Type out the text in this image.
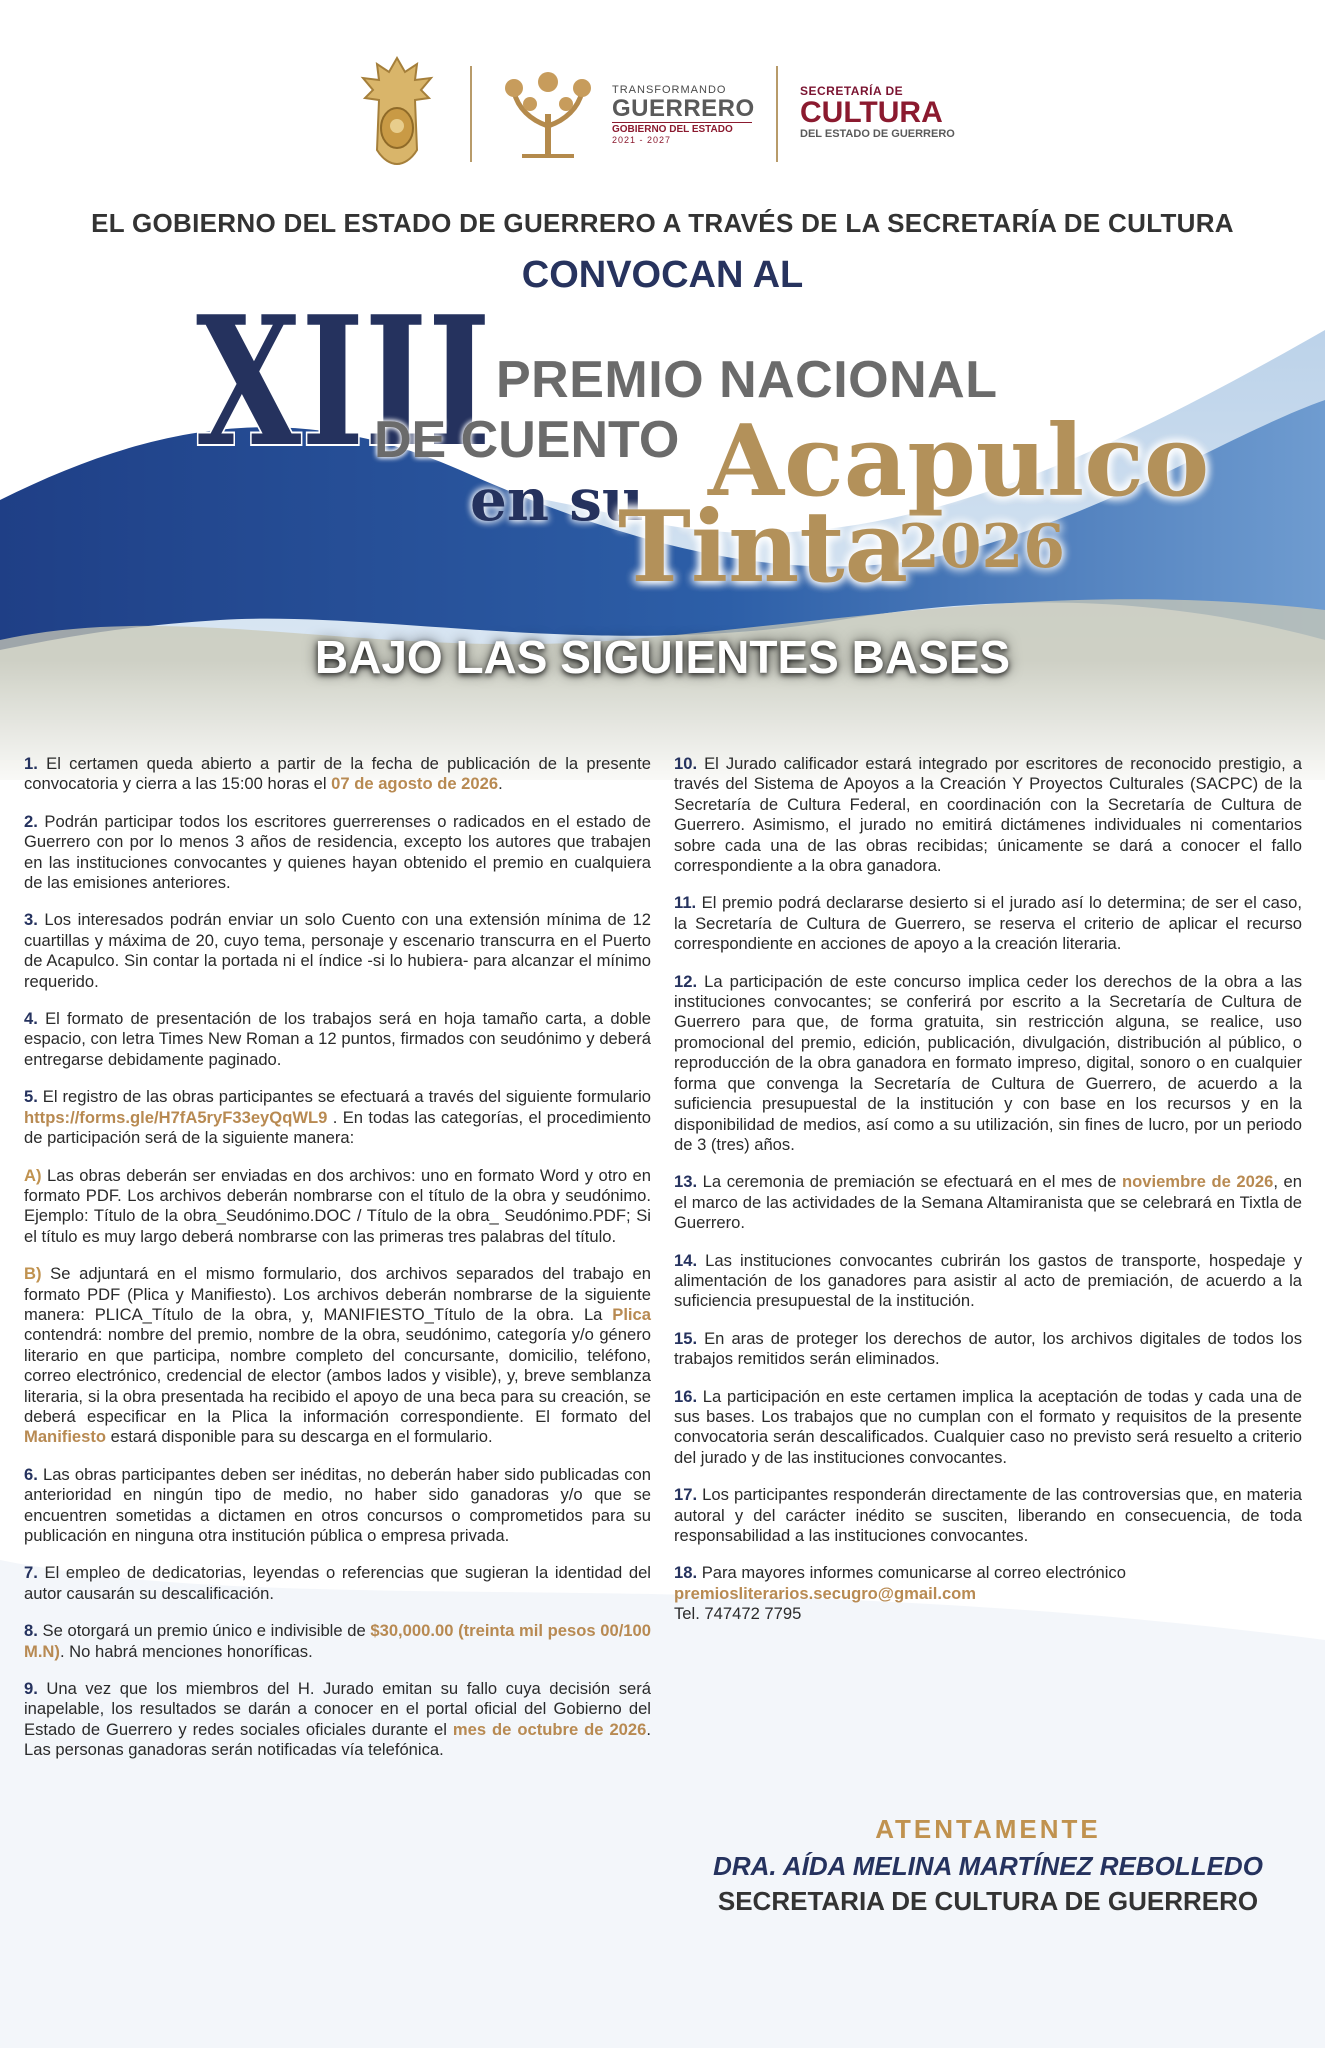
TRANSFORMANDO
GUERRERO
GOBIERNO DEL ESTADO
2021 - 2027
SECRETARÍA DE
CULTURA
DEL ESTADO DE GUERRERO
EL GOBIERNO DEL ESTADO DE GUERRERO A TRAVÉS DE LA SECRETARÍA DE CULTURA
CONVOCAN AL
XIII PREMIO NACIONAL
DE CUENTO
en su Acapulco
Tinta
2026
BAJO LAS SIGUIENTES BASES

1. El certamen queda abierto a partir de la fecha de publicación de la presente convocatoria y cierra a las 15:00 horas el 07 de agosto de 2026.

2. Podrán participar todos los escritores guerrerenses o radicados en el estado de Guerrero con por lo menos 3 años de residencia, excepto los autores que trabajen en las instituciones convocantes y quienes hayan obtenido el premio en cualquiera de las emisiones anteriores.

3. Los interesados podrán enviar un solo Cuento con una extensión mínima de 12 cuartillas y máxima de 20, cuyo tema, personaje y escenario transcurra en el Puerto de Acapulco. Sin contar la portada ni el índice -si lo hubiera- para alcanzar el mínimo requerido.

4. El formato de presentación de los trabajos será en hoja tamaño carta, a doble espacio, con letra Times New Roman a 12 puntos, firmados con seudónimo y deberá entregarse debidamente paginado.

5. El registro de las obras participantes se efectuará a través del siguiente formulario https://forms.gle/H7fA5ryF33eyQqWL9 . En todas las categorías, el procedimiento de participación será de la siguiente manera:

A) Las obras deberán ser enviadas en dos archivos: uno en formato Word y otro en formato PDF. Los archivos deberán nombrarse con el título de la obra y seudónimo. Ejemplo: Título de la obra_Seudónimo.DOC / Título de la obra_ Seudónimo.PDF; Si el título es muy largo deberá nombrarse con las primeras tres palabras del título.

B) Se adjuntará en el mismo formulario, dos archivos separados del trabajo en formato PDF (Plica y Manifiesto). Los archivos deberán nombrarse de la siguiente manera: PLICA_Título de la obra, y, MANIFIESTO_Título de la obra. La Plica contendrá: nombre del premio, nombre de la obra, seudónimo, categoría y/o género literario en que participa, nombre completo del concursante, domicilio, teléfono, correo electrónico, credencial de elector (ambos lados y visible), y, breve semblanza literaria, si la obra presentada ha recibido el apoyo de una beca para su creación, se deberá especificar en la Plica la información correspondiente. El formato del Manifiesto estará disponible para su descarga en el formulario.

6. Las obras participantes deben ser inéditas, no deberán haber sido publicadas con anterioridad en ningún tipo de medio, no haber sido ganadoras y/o que se encuentren sometidas a dictamen en otros concursos o comprometidos para su publicación en ninguna otra institución pública o empresa privada.

7. El empleo de dedicatorias, leyendas o referencias que sugieran la identidad del autor causarán su descalificación.

8. Se otorgará un premio único e indivisible de $30,000.00 (treinta mil pesos 00/100 M.N). No habrá menciones honoríficas.

9. Una vez que los miembros del H. Jurado emitan su fallo cuya decisión será inapelable, los resultados se darán a conocer en el portal oficial del Gobierno del Estado de Guerrero y redes sociales oficiales durante el mes de octubre de 2026. Las personas ganadoras serán notificadas vía telefónica.

10. El Jurado calificador estará integrado por escritores de reconocido prestigio, a través del Sistema de Apoyos a la Creación Y Proyectos Culturales (SACPC) de la Secretaría de Cultura Federal, en coordinación con la Secretaría de Cultura de Guerrero. Asimismo, el jurado no emitirá dictámenes individuales ni comentarios sobre cada una de las obras recibidas; únicamente se dará a conocer el fallo correspondiente a la obra ganadora.

11. El premio podrá declararse desierto si el jurado así lo determina; de ser el caso, la Secretaría de Cultura de Guerrero, se reserva el criterio de aplicar el recurso correspondiente en acciones de apoyo a la creación literaria.

12. La participación de este concurso implica ceder los derechos de la obra a las instituciones convocantes; se conferirá por escrito a la Secretaría de Cultura de Guerrero para que, de forma gratuita, sin restricción alguna, se realice, uso promocional del premio, edición, publicación, divulgación, distribución al público, o reproducción de la obra ganadora en formato impreso, digital, sonoro o en cualquier forma que convenga la Secretaría de Cultura de Guerrero, de acuerdo a la suficiencia presupuestal de la institución y con base en los recursos y en la disponibilidad de medios, así como a su utilización, sin fines de lucro, por un periodo de 3 (tres) años.

13. La ceremonia de premiación se efectuará en el mes de noviembre de 2026, en el marco de las actividades de la Semana Altamiranista que se celebrará en Tixtla de Guerrero.

14. Las instituciones convocantes cubrirán los gastos de transporte, hospedaje y alimentación de los ganadores para asistir al acto de premiación, de acuerdo a la suficiencia presupuestal de la institución.

15. En aras de proteger los derechos de autor, los archivos digitales de todos los trabajos remitidos serán eliminados.

16. La participación en este certamen implica la aceptación de todas y cada una de sus bases. Los trabajos que no cumplan con el formato y requisitos de la presente convocatoria serán descalificados. Cualquier caso no previsto será resuelto a criterio del jurado y de las instituciones convocantes.

17. Los participantes responderán directamente de las controversias que, en materia autoral y del carácter inédito se susciten, liberando en consecuencia, de toda responsabilidad a las instituciones convocantes.

18. Para mayores informes comunicarse al correo electrónico
premiosliterarios.secugro@gmail.com
Tel. 747472 7795

ATENTAMENTE
DRA. AÍDA MELINA MARTÍNEZ REBOLLEDO
SECRETARIA DE CULTURA DE GUERRERO
